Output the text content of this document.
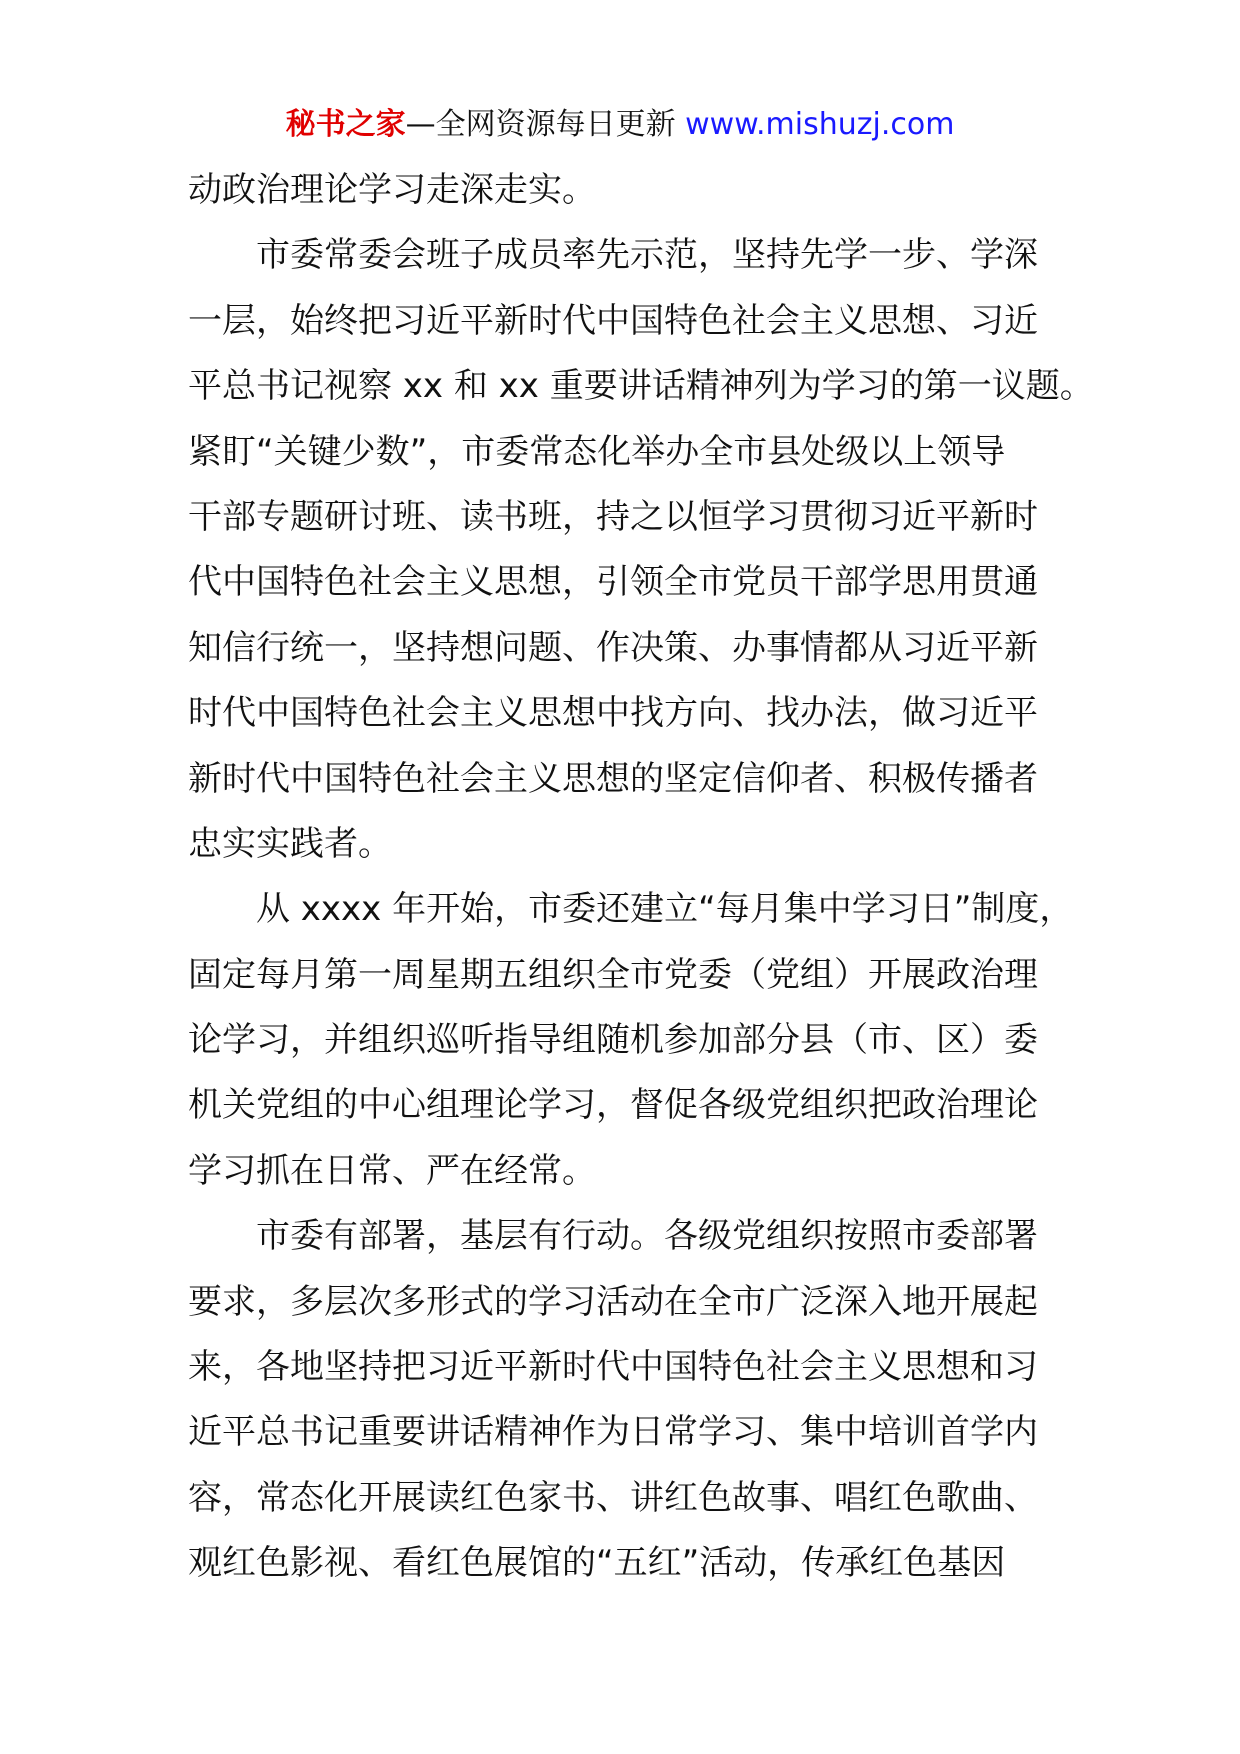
秘书之家—全网资源每日更新 www.mishuzj.com
动政治理论学习走深走实。
市委常委会班子成员率先示范，坚持先学一步、学深
一层，始终把习近平新时代中国特色社会主义思想、习近
平总书记视察 xx 和 xx 重要讲话精神列为学习的第一议题。
紧盯“关键少数”，市委常态化举办全市县处级以上领导
干部专题研讨班、读书班，持之以恒学习贯彻习近平新时
代中国特色社会主义思想，引领全市党员干部学思用贯通
知信行统一，坚持想问题、作决策、办事情都从习近平新
时代中国特色社会主义思想中找方向、找办法，做习近平
新时代中国特色社会主义思想的坚定信仰者、积极传播者
忠实实践者。
从 xxxx 年开始，市委还建立“每月集中学习日”制度，
固定每月第一周星期五组织全市党委（党组）开展政治理
论学习，并组织巡听指导组随机参加部分县（市、区）委
机关党组的中心组理论学习，督促各级党组织把政治理论
学习抓在日常、严在经常。
市委有部署，基层有行动。各级党组织按照市委部署
要求，多层次多形式的学习活动在全市广泛深入地开展起
来，各地坚持把习近平新时代中国特色社会主义思想和习
近平总书记重要讲话精神作为日常学习、集中培训首学内
容，常态化开展读红色家书、讲红色故事、唱红色歌曲、
观红色影视、看红色展馆的“五红”活动，传承红色基因
